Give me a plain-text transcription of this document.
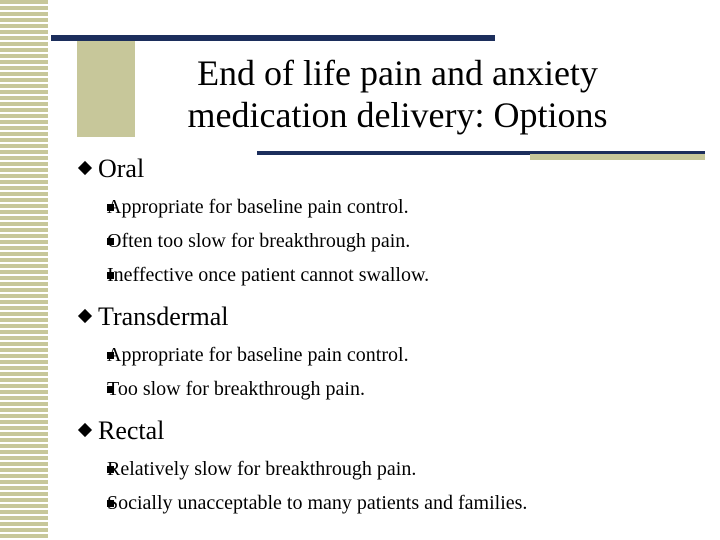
End of life pain and anxiety
medication delivery: Options
Oral
Appropriate for baseline pain control.
Often too slow for breakthrough pain.
Ineffective once patient cannot swallow.
Transdermal
Appropriate for baseline pain control.
Too slow for breakthrough pain.
Rectal
Relatively slow for breakthrough pain.
Socially unacceptable to many patients and families.
